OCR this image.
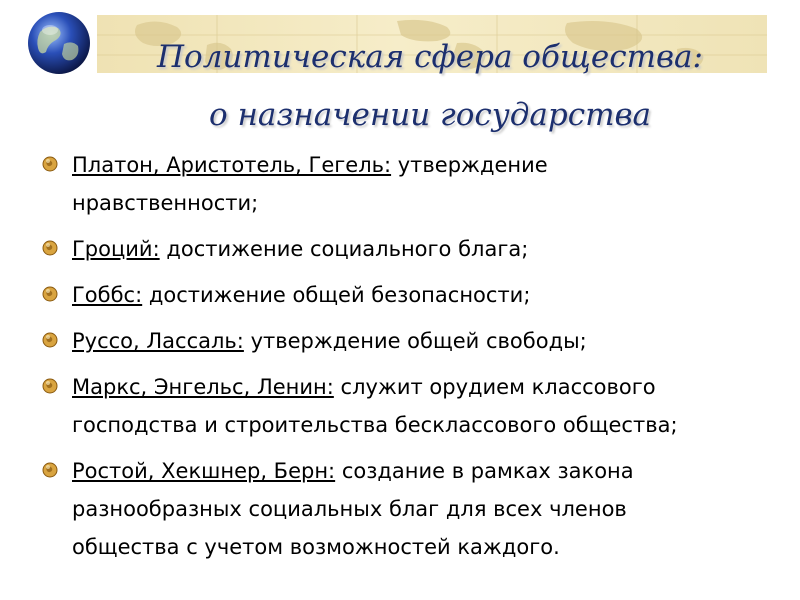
Политическая сфера общества:
о назначении государства
Платон, Аристотель, Гегель: утверждение нравственности;
Гроций: достижение социального блага;
Гоббс: достижение общей безопасности;
Руссо, Лассаль: утверждение общей свободы;
Маркс, Энгельс, Ленин: служит орудием классового господства и строительства бесклассового общества;
Ростой, Хекшнер, Берн: создание в рамках закона разнообразных социальных благ для всех членов общества с учетом возможностей каждого.
